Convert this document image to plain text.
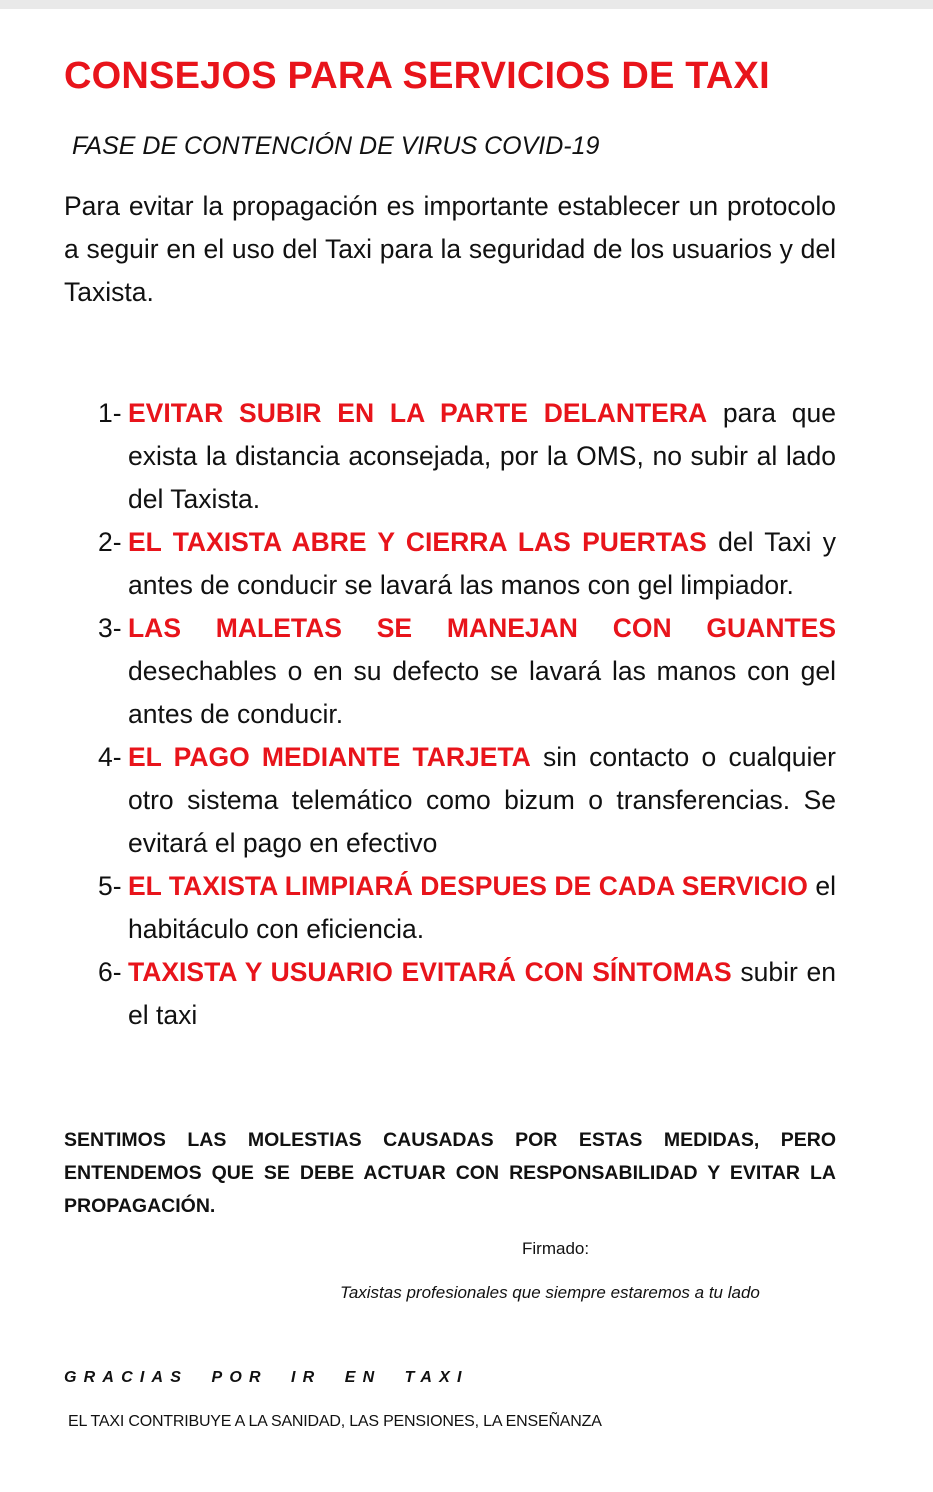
CONSEJOS PARA SERVICIOS DE TAXI
FASE DE CONTENCIÓN DE VIRUS COVID-19

Para evitar la propagación es importante establecer un protocolo a seguir en el uso del Taxi para la seguridad de los usuarios y del Taxista.

1- EVITAR SUBIR EN LA PARTE DELANTERA para que exista la distancia aconsejada, por la OMS, no subir al lado del Taxista.
2- EL TAXISTA ABRE Y CIERRA LAS PUERTAS del Taxi y antes de conducir se lavará las manos con gel limpiador.
3- LAS MALETAS SE MANEJAN CON GUANTES desechables o en su defecto se lavará las manos con gel antes de conducir.
4- EL PAGO MEDIANTE TARJETA sin contacto o cualquier otro sistema telemático como bizum o transferencias. Se evitará el pago en efectivo
5- EL TAXISTA LIMPIARÁ DESPUES DE CADA SERVICIO el habitáculo con eficiencia.
6- TAXISTA Y USUARIO EVITARÁ CON SÍNTOMAS subir en el taxi

SENTIMOS LAS MOLESTIAS CAUSADAS POR ESTAS MEDIDAS, PERO ENTENDEMOS QUE SE DEBE ACTUAR CON RESPONSABILIDAD Y EVITAR LA PROPAGACIÓN.

Firmado:
Taxistas profesionales que siempre estaremos a tu lado
GRACIAS  POR  IR  EN  TAXI
EL TAXI CONTRIBUYE A LA SANIDAD, LAS PENSIONES, LA ENSEÑANZA
